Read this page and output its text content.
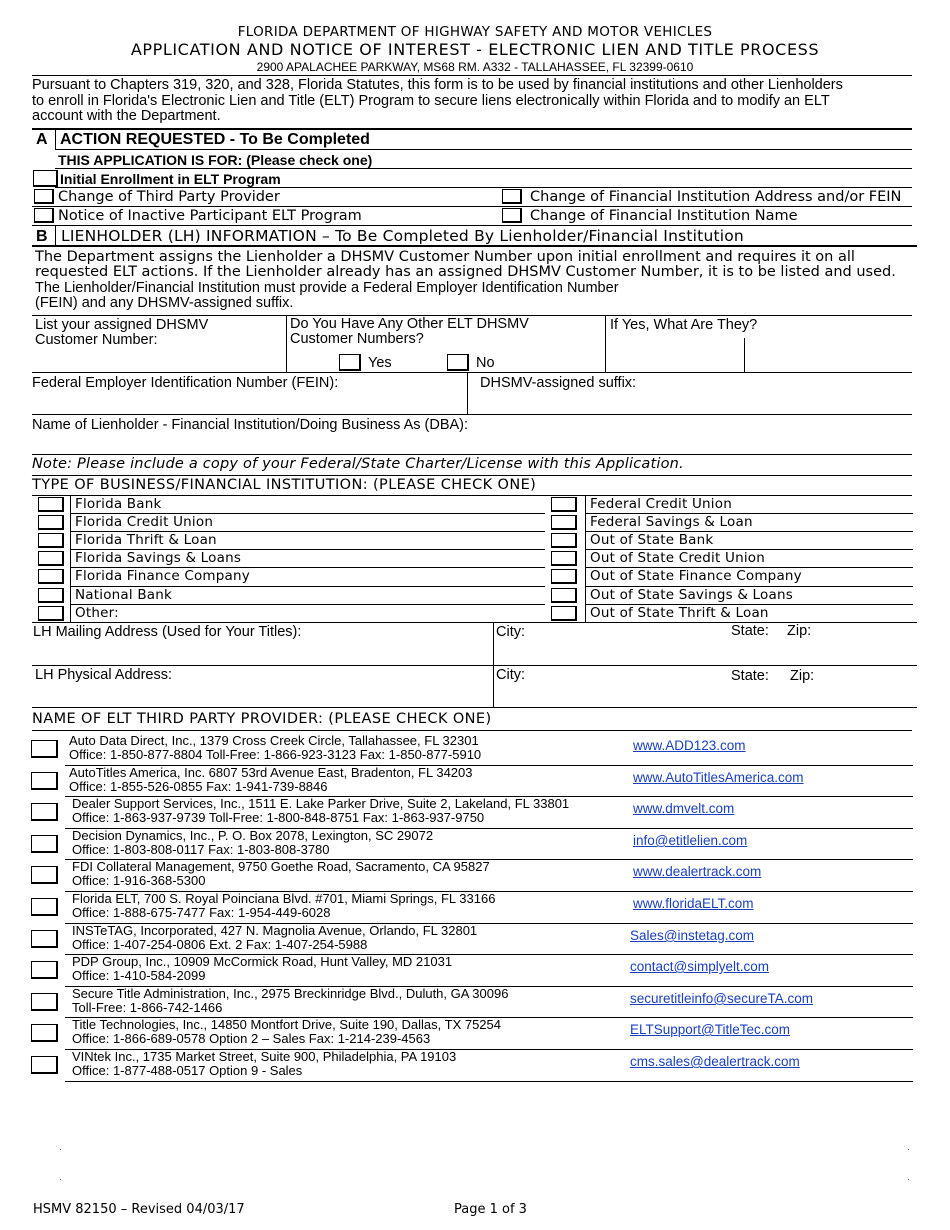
FLORIDA DEPARTMENT OF HIGHWAY SAFETY AND MOTOR VEHICLES
APPLICATION AND NOTICE OF INTEREST - ELECTRONIC LIEN AND TITLE PROCESS
2900 APALACHEE PARKWAY, MS68 RM. A332 - TALLAHASSEE, FL 32399-0610
Pursuant to Chapters 319, 320, and 328, Florida Statutes, this form is to be used by financial institutions and other Lienholders
to enroll in Florida's Electronic Lien and Title (ELT) Program to secure liens electronically within Florida and to modify an ELT
account with the Department.
A ACTION REQUESTED - To Be Completed
THIS APPLICATION IS FOR: (Please check one)
Initial Enrollment in ELT Program
Change of Third Party Provider	Change of Financial Institution Address and/or FEIN
Notice of Inactive Participant ELT Program	Change of Financial Institution Name
B LIENHOLDER (LH) INFORMATION – To Be Completed By Lienholder/Financial Institution
The Department assigns the Lienholder a DHSMV Customer Number upon initial enrollment and requires it on all
requested ELT actions. If the Lienholder already has an assigned DHSMV Customer Number, it is to be listed and used.
The Lienholder/Financial Institution must provide a Federal Employer Identification Number
(FEIN) and any DHSMV-assigned suffix.
List your assigned DHSMV
Customer Number:
Do You Have Any Other ELT DHSMV
Customer Numbers?
Yes	No
If Yes, What Are They?
Federal Employer Identification Number (FEIN):	DHSMV-assigned suffix:
Name of Lienholder - Financial Institution/Doing Business As (DBA):
Note: Please include a copy of your Federal/State Charter/License with this Application.
TYPE OF BUSINESS/FINANCIAL INSTITUTION: (PLEASE CHECK ONE)
Florida Bank	Federal Credit Union
Florida Credit Union	Federal Savings & Loan
Florida Thrift & Loan	Out of State Bank
Florida Savings & Loans	Out of State Credit Union
Florida Finance Company	Out of State Finance Company
National Bank	Out of State Savings & Loans
Other:	Out of State Thrift & Loan
LH Mailing Address (Used for Your Titles):	City:	State: Zip:
LH Physical Address:	City:	State: Zip:
NAME OF ELT THIRD PARTY PROVIDER: (PLEASE CHECK ONE)
Auto Data Direct, Inc., 1379 Cross Creek Circle, Tallahassee, FL 32301
Office: 1-850-877-8804 Toll-Free: 1-866-923-3123 Fax: 1-850-877-5910
www.ADD123.com
AutoTitles America, Inc. 6807 53rd Avenue East, Bradenton, FL 34203
Office: 1-855-526-0855 Fax: 1-941-739-8846
www.AutoTitlesAmerica.com
Dealer Support Services, Inc., 1511 E. Lake Parker Drive, Suite 2, Lakeland, FL 33801
Office: 1-863-937-9739 Toll-Free: 1-800-848-8751 Fax: 1-863-937-9750
www.dmvelt.com
Decision Dynamics, Inc., P. O. Box 2078, Lexington, SC 29072
Office: 1-803-808-0117 Fax: 1-803-808-3780
info@etitlelien.com
FDI Collateral Management, 9750 Goethe Road, Sacramento, CA 95827
Office: 1-916-368-5300
www.dealertrack.com
Florida ELT, 700 S. Royal Poinciana Blvd. #701, Miami Springs, FL 33166
Office: 1-888-675-7477 Fax: 1-954-449-6028
www.floridaELT.com
INSTeTAG, Incorporated, 427 N. Magnolia Avenue, Orlando, FL 32801
Office: 1-407-254-0806 Ext. 2 Fax: 1-407-254-5988
Sales@instetag.com
PDP Group, Inc., 10909 McCormick Road, Hunt Valley, MD 21031
Office: 1-410-584-2099
contact@simplyelt.com
Secure Title Administration, Inc., 2975 Breckinridge Blvd., Duluth, GA 30096
Toll-Free: 1-866-742-1466
securetitleinfo@secureTA.com
Title Technologies, Inc., 14850 Montfort Drive, Suite 190, Dallas, TX 75254
Office: 1-866-689-0578 Option 2 – Sales Fax: 1-214-239-4563
ELTSupport@TitleTec.com
VINtek Inc., 1735 Market Street, Suite 900, Philadelphia, PA 19103
Office: 1-877-488-0517 Option 9 - Sales
cms.sales@dealertrack.com
.	.
.	.
HSMV 82150 – Revised 04/03/17	Page 1 of 3
